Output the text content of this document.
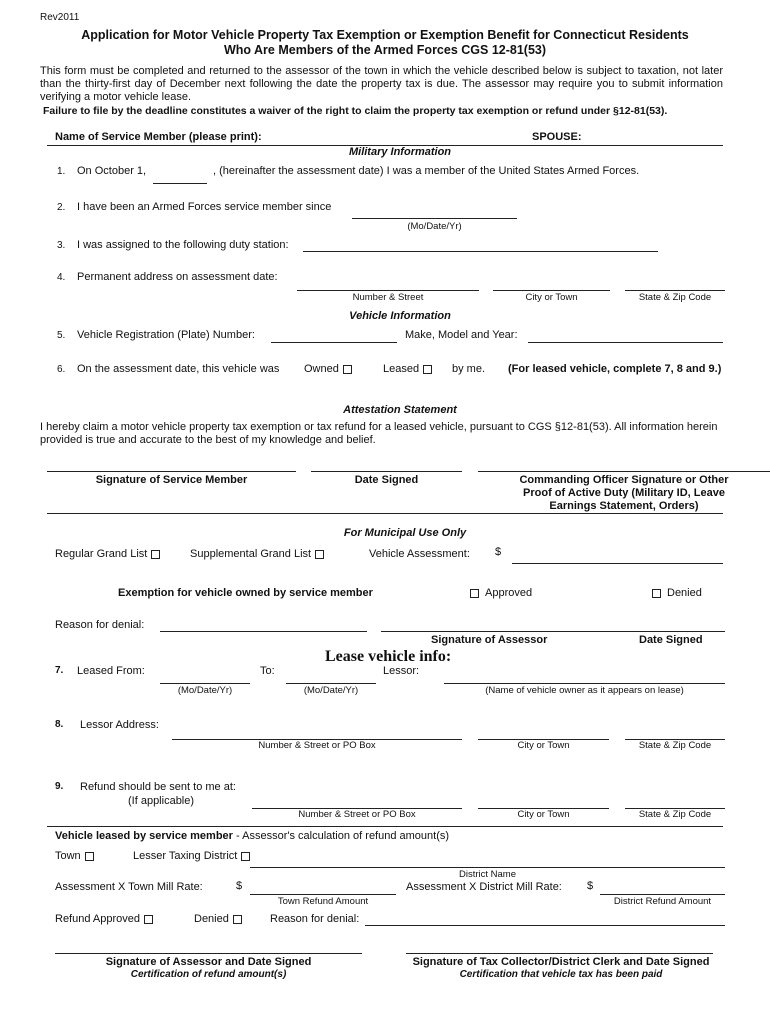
Rev2011
Application for Motor Vehicle Property Tax Exemption or Exemption Benefit for Connecticut Residents
Who Are Members of the Armed Forces CGS 12-81(53)
This form must be completed and returned to the assessor of the town in which the vehicle described below is subject to taxation, not later than the thirty-first day of December next following the date the property tax is due. The assessor may require you to submit information verifying a motor vehicle lease.
Failure to file by the deadline constitutes a waiver of the right to claim the property tax exemption or refund under §12-81(53).
Name of Service Member (please print):	SPOUSE:
Military Information
1. On October 1,	, (hereinafter the assessment date) I was a member of the United States Armed Forces.
2. I have been an Armed Forces service member since
(Mo/Date/Yr)
3. I was assigned to the following duty station:
4. Permanent address on assessment date:
Number & Street	City or Town	State & Zip Code
Vehicle Information
5. Vehicle Registration (Plate) Number:	Make, Model and Year:
6. On the assessment date, this vehicle was Owned	Leased	by me. (For leased vehicle, complete 7, 8 and 9.)
Attestation Statement
I hereby claim a motor vehicle property tax exemption or tax refund for a leased vehicle, pursuant to CGS §12-81(53). All information herein provided is true and accurate to the best of my knowledge and belief.
Signature of Service Member	Date Signed	Commanding Officer Signature or Other
Proof of Active Duty (Military ID, Leave
Earnings Statement, Orders)
For Municipal Use Only
Regular Grand List	Supplemental Grand List	Vehicle Assessment: $
Exemption for vehicle owned by service member	Approved	Denied
Reason for denial:
Signature of Assessor	Date Signed
Lease vehicle info:
7. Leased From:	To:	Lessor:
(Mo/Date/Yr)	(Mo/Date/Yr)	(Name of vehicle owner as it appears on lease)
8. Lessor Address:
Number & Street or PO Box	City or Town	State & Zip Code
9. Refund should be sent to me at:
(If applicable)
Number & Street or PO Box	City or Town	State & Zip Code
Vehicle leased by service member - Assessor's calculation of refund amount(s)
Town	Lesser Taxing District
District Name
Assessment X Town Mill Rate:	$	Assessment X District Mill Rate: $
Town Refund Amount	District Refund Amount
Refund Approved	Denied	Reason for denial:
Signature of Assessor and Date Signed
Certification of refund amount(s)
Signature of Tax Collector/District Clerk and Date Signed
Certification that vehicle tax has been paid
